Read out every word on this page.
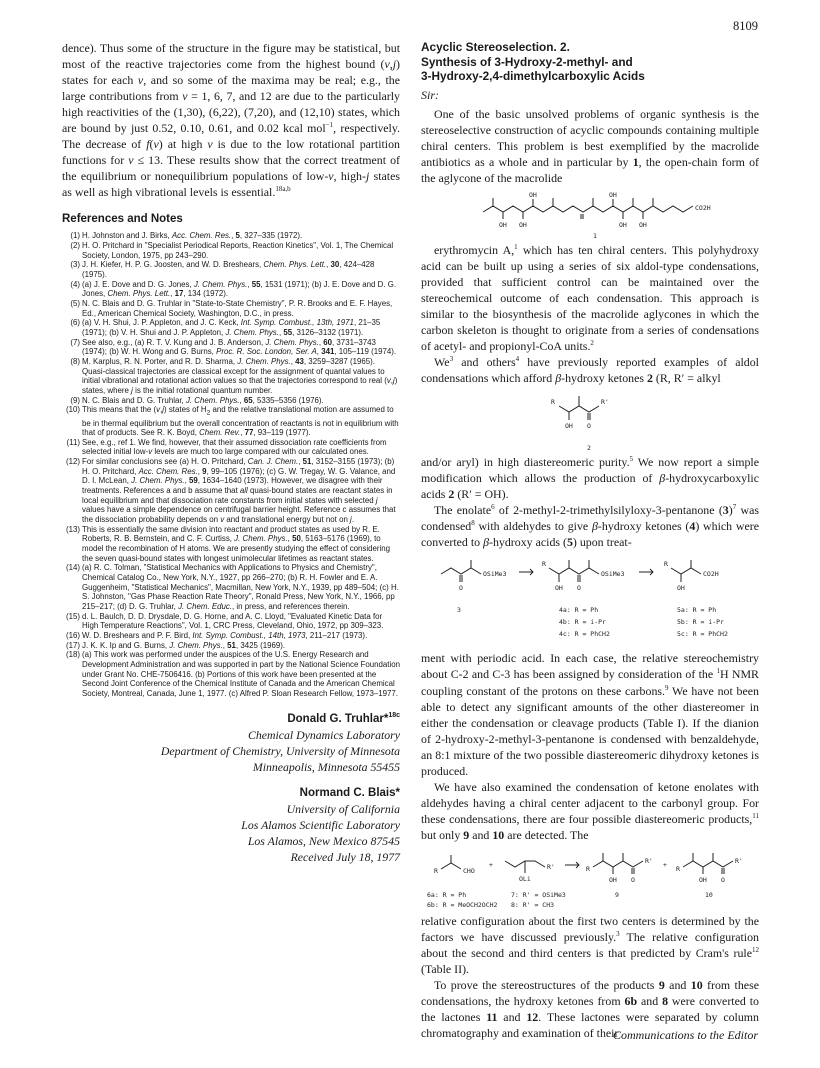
8109

dence). Thus some of the structure in the figure may be statistical, but most of the reactive trajectories come from the highest bound (v,j) states for each v, and so some of the maxima may be real; e.g., the large contributions from v = 1, 6, 7, and 12 are due to the particularly high reactivities of the (1,30), (6,22), (7,20), and (12,10) states, which are bound by just 0.52, 0.10, 0.61, and 0.02 kcal mol$^{-1}$, respectively. The decrease of f(v) at high v is due to the low rotational partition functions for v ≤ 13. These results show that the correct treatment of the equilibrium or nonequilibrium populations of low-v, high-j states as well as high vibrational levels is essential.$^{18a,b}$

References and Notes
(1) H. Johnston and J. Birks, Acc. Chem. Res., 5, 327–335 (1972).
(2) H. O. Pritchard in "Specialist Periodical Reports, Reaction Kinetics", Vol. 1, The Chemical Society, London, 1975, pp 243–290.
(3) J. H. Kiefer, H. P. G. Joosten, and W. D. Breshears, Chem. Phys. Lett., 30, 424–428 (1975).
(4) (a) J. E. Dove and D. G. Jones, J. Chem. Phys., 55, 1531 (1971); (b) J. E. Dove and D. G. Jones, Chem. Phys. Lett., 17, 134 (1972).
(5) N. C. Blais and D. G. Truhlar in "State-to-State Chemistry", P. R. Brooks and E. F. Hayes, Ed., American Chemical Society, Washington, D.C., in press.
(6) (a) V. H. Shui, J. P. Appleton, and J. C. Keck, Int. Symp. Combust., 13th, 1971, 21–35 (1971); (b) V. H. Shui and J. P. Appleton, J. Chem. Phys., 55, 3126–3132 (1971).
(7) See also, e.g., (a) R. T. V. Kung and J. B. Anderson, J. Chem. Phys., 60, 3731–3743 (1974); (b) W. H. Wong and G. Burns, Proc. R. Soc. London, Ser. A, 341, 105–119 (1974).
(8) M. Karplus, R. N. Porter, and R. D. Sharma, J. Chem. Phys., 43, 3259–3287 (1965). Quasi-classical trajectories are classical except for the assignment of quantal values to initial vibrational and rotational action values so that the trajectories correspond to real (v,j) states, where j is the initial rotational quantum number.
(9) N. C. Blais and D. G. Truhlar, J. Chem. Phys., 65, 5335–5356 (1976).
(10) This means that the (v,j) states of $H_2$ and the relative translational motion are assumed to be in thermal equilibrium but the overall concentration of reactants is not in equilibrium with that of products. See R. K. Boyd, Chem. Rev., 77, 93–119 (1977).
(11) See, e.g., ref 1. We find, however, that their assumed dissociation rate coefficients from selected initial low-v levels are much too large compared with our calculated ones.
(12) For similar conclusions see (a) H. O. Pritchard, Can. J. Chem., 51, 3152–3155 (1973); (b) H. O. Pritchard, Acc. Chem. Res., 9, 99–105 (1976); (c) G. W. Tregay, W. G. Valance, and D. I. McLean, J. Chem. Phys., 59, 1634–1640 (1973). However, we disagree with their treatments. References a and b assume that all quasi-bound states are reactant states in local equilibrium and that dissociation rate constants from initial states with selected j values have a simple dependence on centrifugal barrier height. Reference c assumes that the dissociation probability depends on v and translational energy but not on j.
(13) This is essentially the same division into reactant and product states as used by R. E. Roberts, R. B. Bernstein, and C. F. Curtiss, J. Chem. Phys., 50, 5163–5176 (1969), to model the recombination of H atoms. We are presently studying the effect of considering the seven quasi-bound states with longest unimolecular lifetimes as reactant states.
(14) (a) R. C. Tolman, "Statistical Mechanics with Applications to Physics and Chemistry", Chemical Catalog Co., New York, N.Y., 1927, pp 266–270; (b) R. H. Fowler and E. A. Guggenheim, "Statistical Mechanics", Macmillan, New York, N.Y., 1939, pp 489–504; (c) H. S. Johnston, "Gas Phase Reaction Rate Theory", Ronald Press, New York, N.Y., 1966, pp 215–217; (d) D. G. Truhlar, J. Chem. Educ., in press, and references therein.
(15) d. L. Baulch, D. D. Drysdale, D. G. Horne, and A. C. Lloyd, "Evaluated Kinetic Data for High Temperature Reactions", Vol. 1, CRC Press, Cleveland, Ohio, 1972, pp 309–323.
(16) W. D. Breshears and P. F. Bird, Int. Symp. Combust., 14th, 1973, 211–217 (1973).
(17) J. K. K. Ip and G. Burns, J. Chem. Phys., 51, 3425 (1969).
(18) (a) This work was performed under the auspices of the U.S. Energy Research and Development Administration and was supported in part by the National Science Foundation under Grant No. CHE-7506416. (b) Portions of this work have been presented at the Second Joint Conference of the Chemical Institute of Canada and the American Chemical Society, Montreal, Canada, June 1, 1977. (c) Alfred P. Sloan Research Fellow, 1973–1977.
Donald G. Truhlar*$^{18c}$
Chemical Dynamics Laboratory
Department of Chemistry, University of Minnesota
Minneapolis, Minnesota 55455
Normand C. Blais*
University of California
Los Alamos Scientific Laboratory
Los Alamos, New Mexico 87545
Received July 18, 1977
Acyclic Stereoselection. 2.
Synthesis of 3-Hydroxy-2-methyl- and
3-Hydroxy-2,4-dimethylcarboxylic Acids
Sir:

One of the basic unsolved problems of organic synthesis is the stereoselective construction of acyclic compounds containing multiple chiral centers. This problem is best exemplified by the macrolide antibiotics as a whole and in particular by 1, the open-chain form of the aglycone of the macrolide

OH OH
OH	OH
OH OH
CO2H
1

erythromycin A,$^1$ which has ten chiral centers. This polyhydroxy acid can be built up using a series of six aldol-type condensations, provided that sufficient control can be maintained over the stereochemical outcome of each condensation. This approach is similar to the biosynthesis of the macrolide aglycones in which the carbon skeleton is thought to originate from a series of condensations of acetyl- and propionyl-CoA units.$^2$

We$^3$ and others$^4$ have previously reported examples of aldol condensations which afford β-hydroxy ketones 2 (R, R′ = alkyl

R	R'
OH O
2

and/or aryl) in high diastereomeric purity.$^5$ We now report a simple modification which allows the production of β-hydroxycarboxylic acids 2 (R′ = OH).

The enolate$^6$ of 2-methyl-2-trimethylsilyloxy-3-pentanone $(3)^7$ was condensed$^8$ with aldehydes to give β-hydroxy ketones (4) which were converted to β-hydroxy acids (5) upon treat-

O
OSiMe3
R
OH O
OSiMe3
R
OH
CO2H
3	4a: R = Ph
4b: R = i-Pr
4c: R = PhCH2
5a: R = Ph
5b: R = i-Pr
5c: R = PhCH2

ment with periodic acid. In each case, the relative stereochemistry about C-2 and C-3 has been assigned by consideration of the $^1$H NMR coupling constant of the protons on these carbons.$^9$ We have not been able to detect any significant amounts of the other diastereomer in either the condensation or cleavage products (Table I). If the dianion of 2-hydroxy-2-methyl-3-pentanone is condensed with benzaldehyde, an 8:1 mixture of the two possible diastereomeric dihydroxy ketones is produced.

We have also examined the condensation of ketone enolates with aldehydes having a chiral center adjacent to the carbonyl group. For these condensations, there are four possible diastereomeric products,$^{11}$ but only 9 and 10 are detected. The

R	CHO
+	R'
OLi
R
R'
OH O
+ R
R'
OH O
6a: R = Ph
6b: R = MeOCH2OCH2
7: R' = OSiMe3
8: R' = CH3
9	10

relative configuration about the first two centers is determined by the factors we have discussed previously.$^3$ The relative configuration about the second and third centers is that predicted by Cram's rule$^{12}$ (Table II).

To prove the stereostructures of the products 9 and 10 from these condensations, the hydroxy ketones from 6b and 8 were converted to the lactones 11 and 12. These lactones were separated by column chromatography and examination of their

Communications to the Editor
